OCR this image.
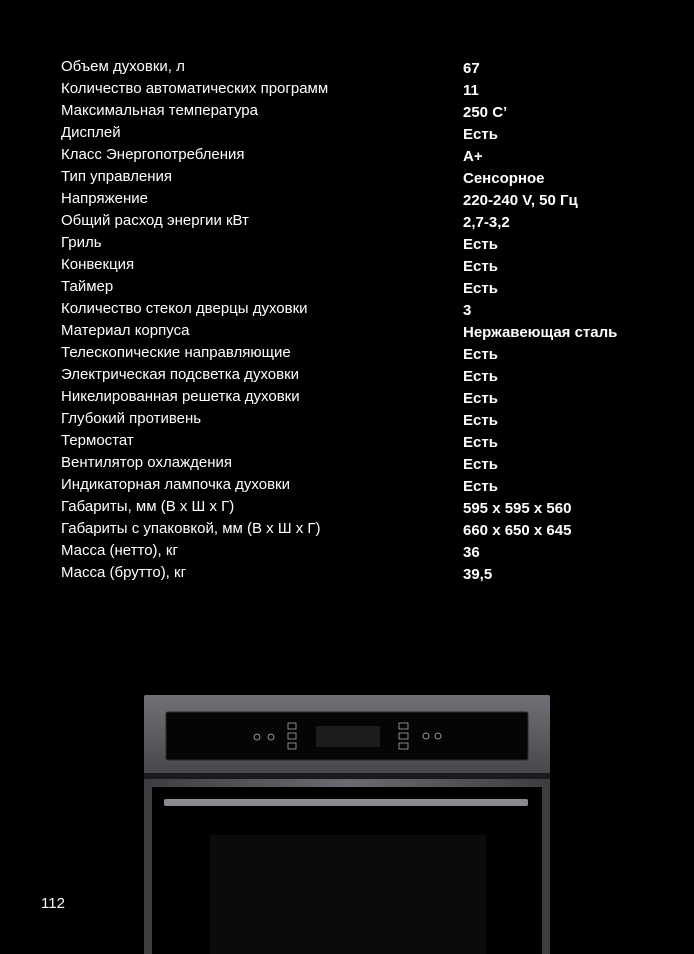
Объем духовки, л	67
Количество автоматических программ	11
Максимальная температура	250 С’
Дисплей	Есть
Класс Энергопотребления	А+
Тип управления	Сенсорное
Напряжение	220-240 V, 50 Гц
Общий расход энергии кВт	2,7-3,2
Гриль	Есть
Конвекция	Есть
Таймер	Есть
Количество стекол дверцы духовки	3
Материал корпуса	Нержавеющая сталь
Телескопические направляющие	Есть
Электрическая подсветка духовки	Есть
Никелированная решетка духовки	Есть
Глубокий противень	Есть
Термостат	Есть
Вентилятор охлаждения	Есть
Индикаторная лампочка духовки	Есть
Габариты, мм (В х Ш х Г)	595 х 595 х 560
Габариты с упаковкой, мм (В х Ш х Г)	660 х 650 х 645
Масса (нетто), кг	36
Масса (брутто), кг	39,5
112
